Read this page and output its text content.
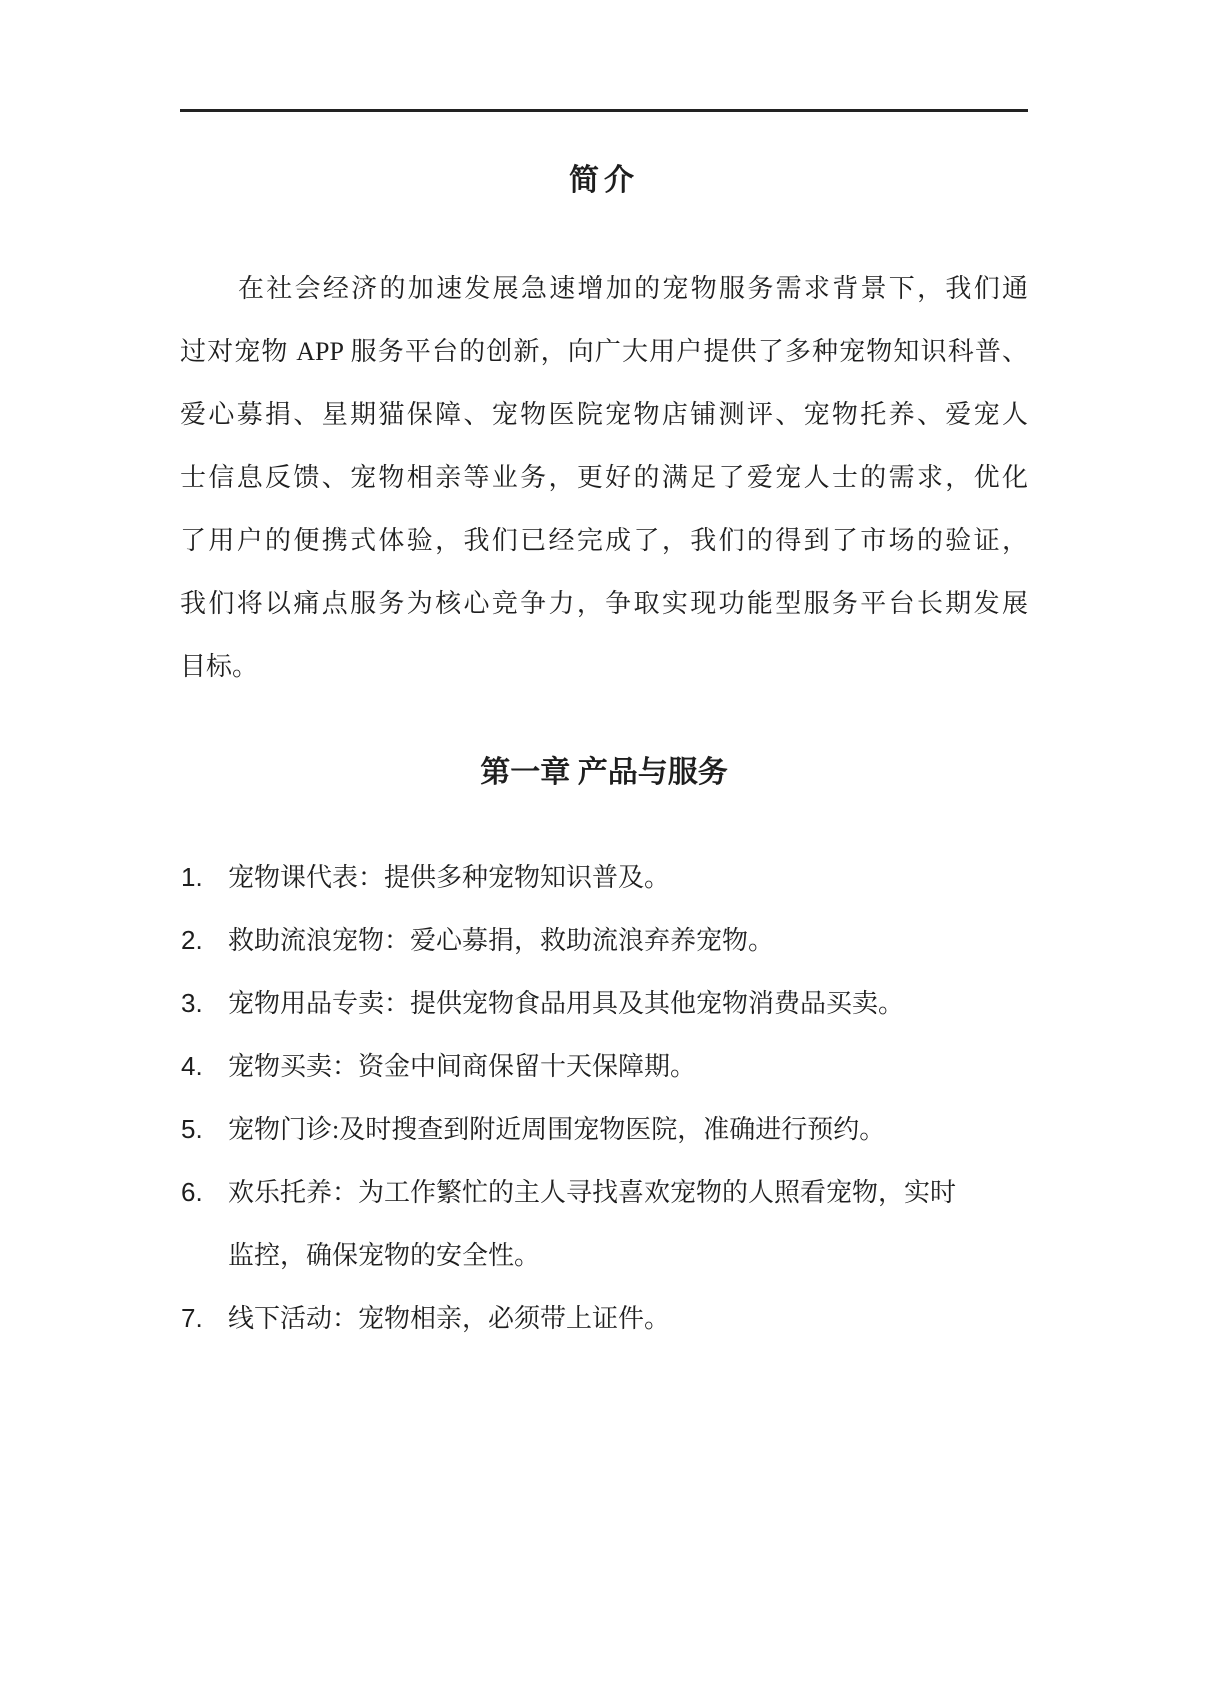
简介
在社会经济的加速发展急速增加的宠物服务需求背景下，我们通
过对宠物 APP 服务平台的创新，向广大用户提供了多种宠物知识科普、
爱心募捐、星期猫保障、宠物医院宠物店铺测评、宠物托养、爱宠人
士信息反馈、宠物相亲等业务，更好的满足了爱宠人士的需求，优化
了用户的便携式体验，我们已经完成了，我们的得到了市场的验证，
我们将以痛点服务为核心竞争力，争取实现功能型服务平台长期发展
目标。
第一章 产品与服务
1. 宠物课代表：提供多种宠物知识普及。
2. 救助流浪宠物：爱心募捐，救助流浪弃养宠物。
3. 宠物用品专卖：提供宠物食品用具及其他宠物消费品买卖。
4. 宠物买卖：资金中间商保留十天保障期。
5. 宠物门诊:及时搜查到附近周围宠物医院，准确进行预约。
6. 欢乐托养：为工作繁忙的主人寻找喜欢宠物的人照看宠物，实时
监控，确保宠物的安全性。
7. 线下活动：宠物相亲，必须带上证件。
